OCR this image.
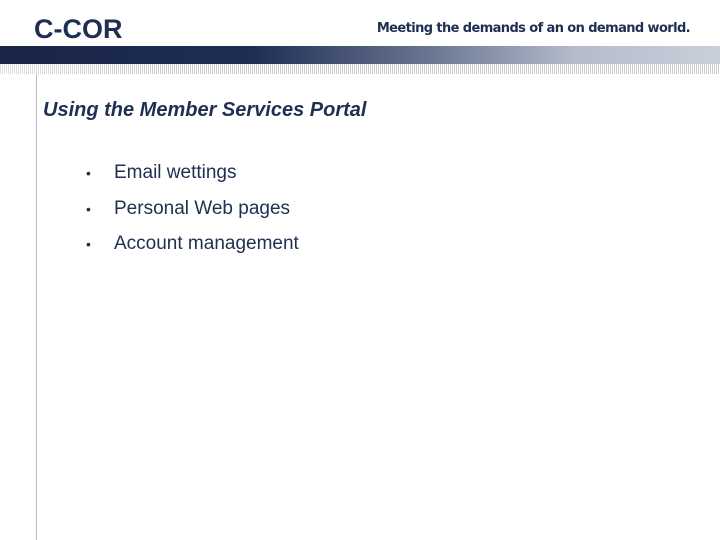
C-COR	Meeting the demands of an on demand world.
Using the Member Services Portal
• Email wettings
• Personal Web pages
• Account management
